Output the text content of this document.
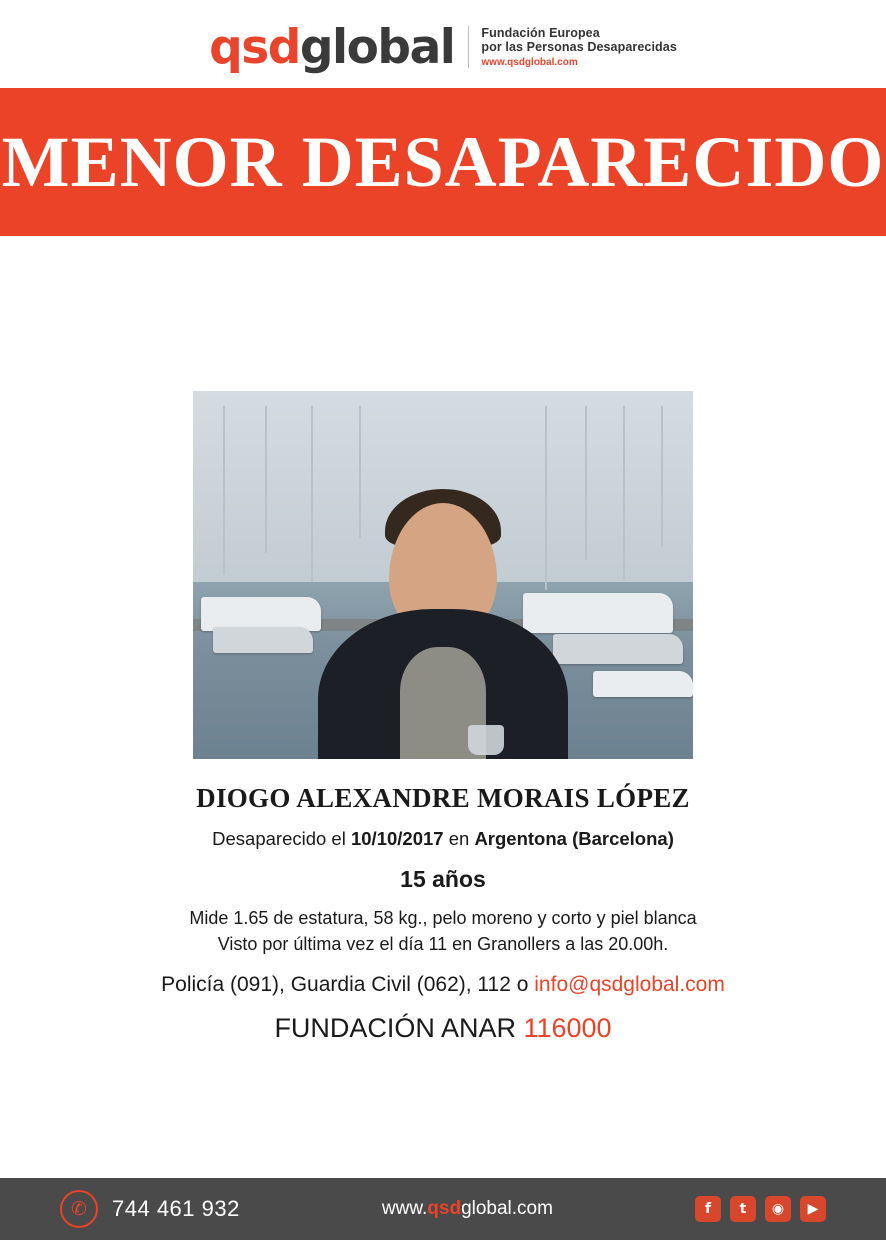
qsdglobal Fundación Europea
por las Personas Desaparecidas
www.qsdglobal.com
MENOR DESAPARECIDO
DIOGO ALEXANDRE MORAIS LÓPEZ
Desaparecido el 10/10/2017 en Argentona (Barcelona)
15 años
Mide 1.65 de estatura, 58 kg., pelo moreno y corto y piel blanca
Visto por última vez el día 11 en Granollers a las 20.00h.
Policía (091), Guardia Civil (062), 112 o info@qsdglobal.com
FUNDACIÓN ANAR 116000
✆	744 461 932	www.qsdglobal.com	f	t	◉	▶
